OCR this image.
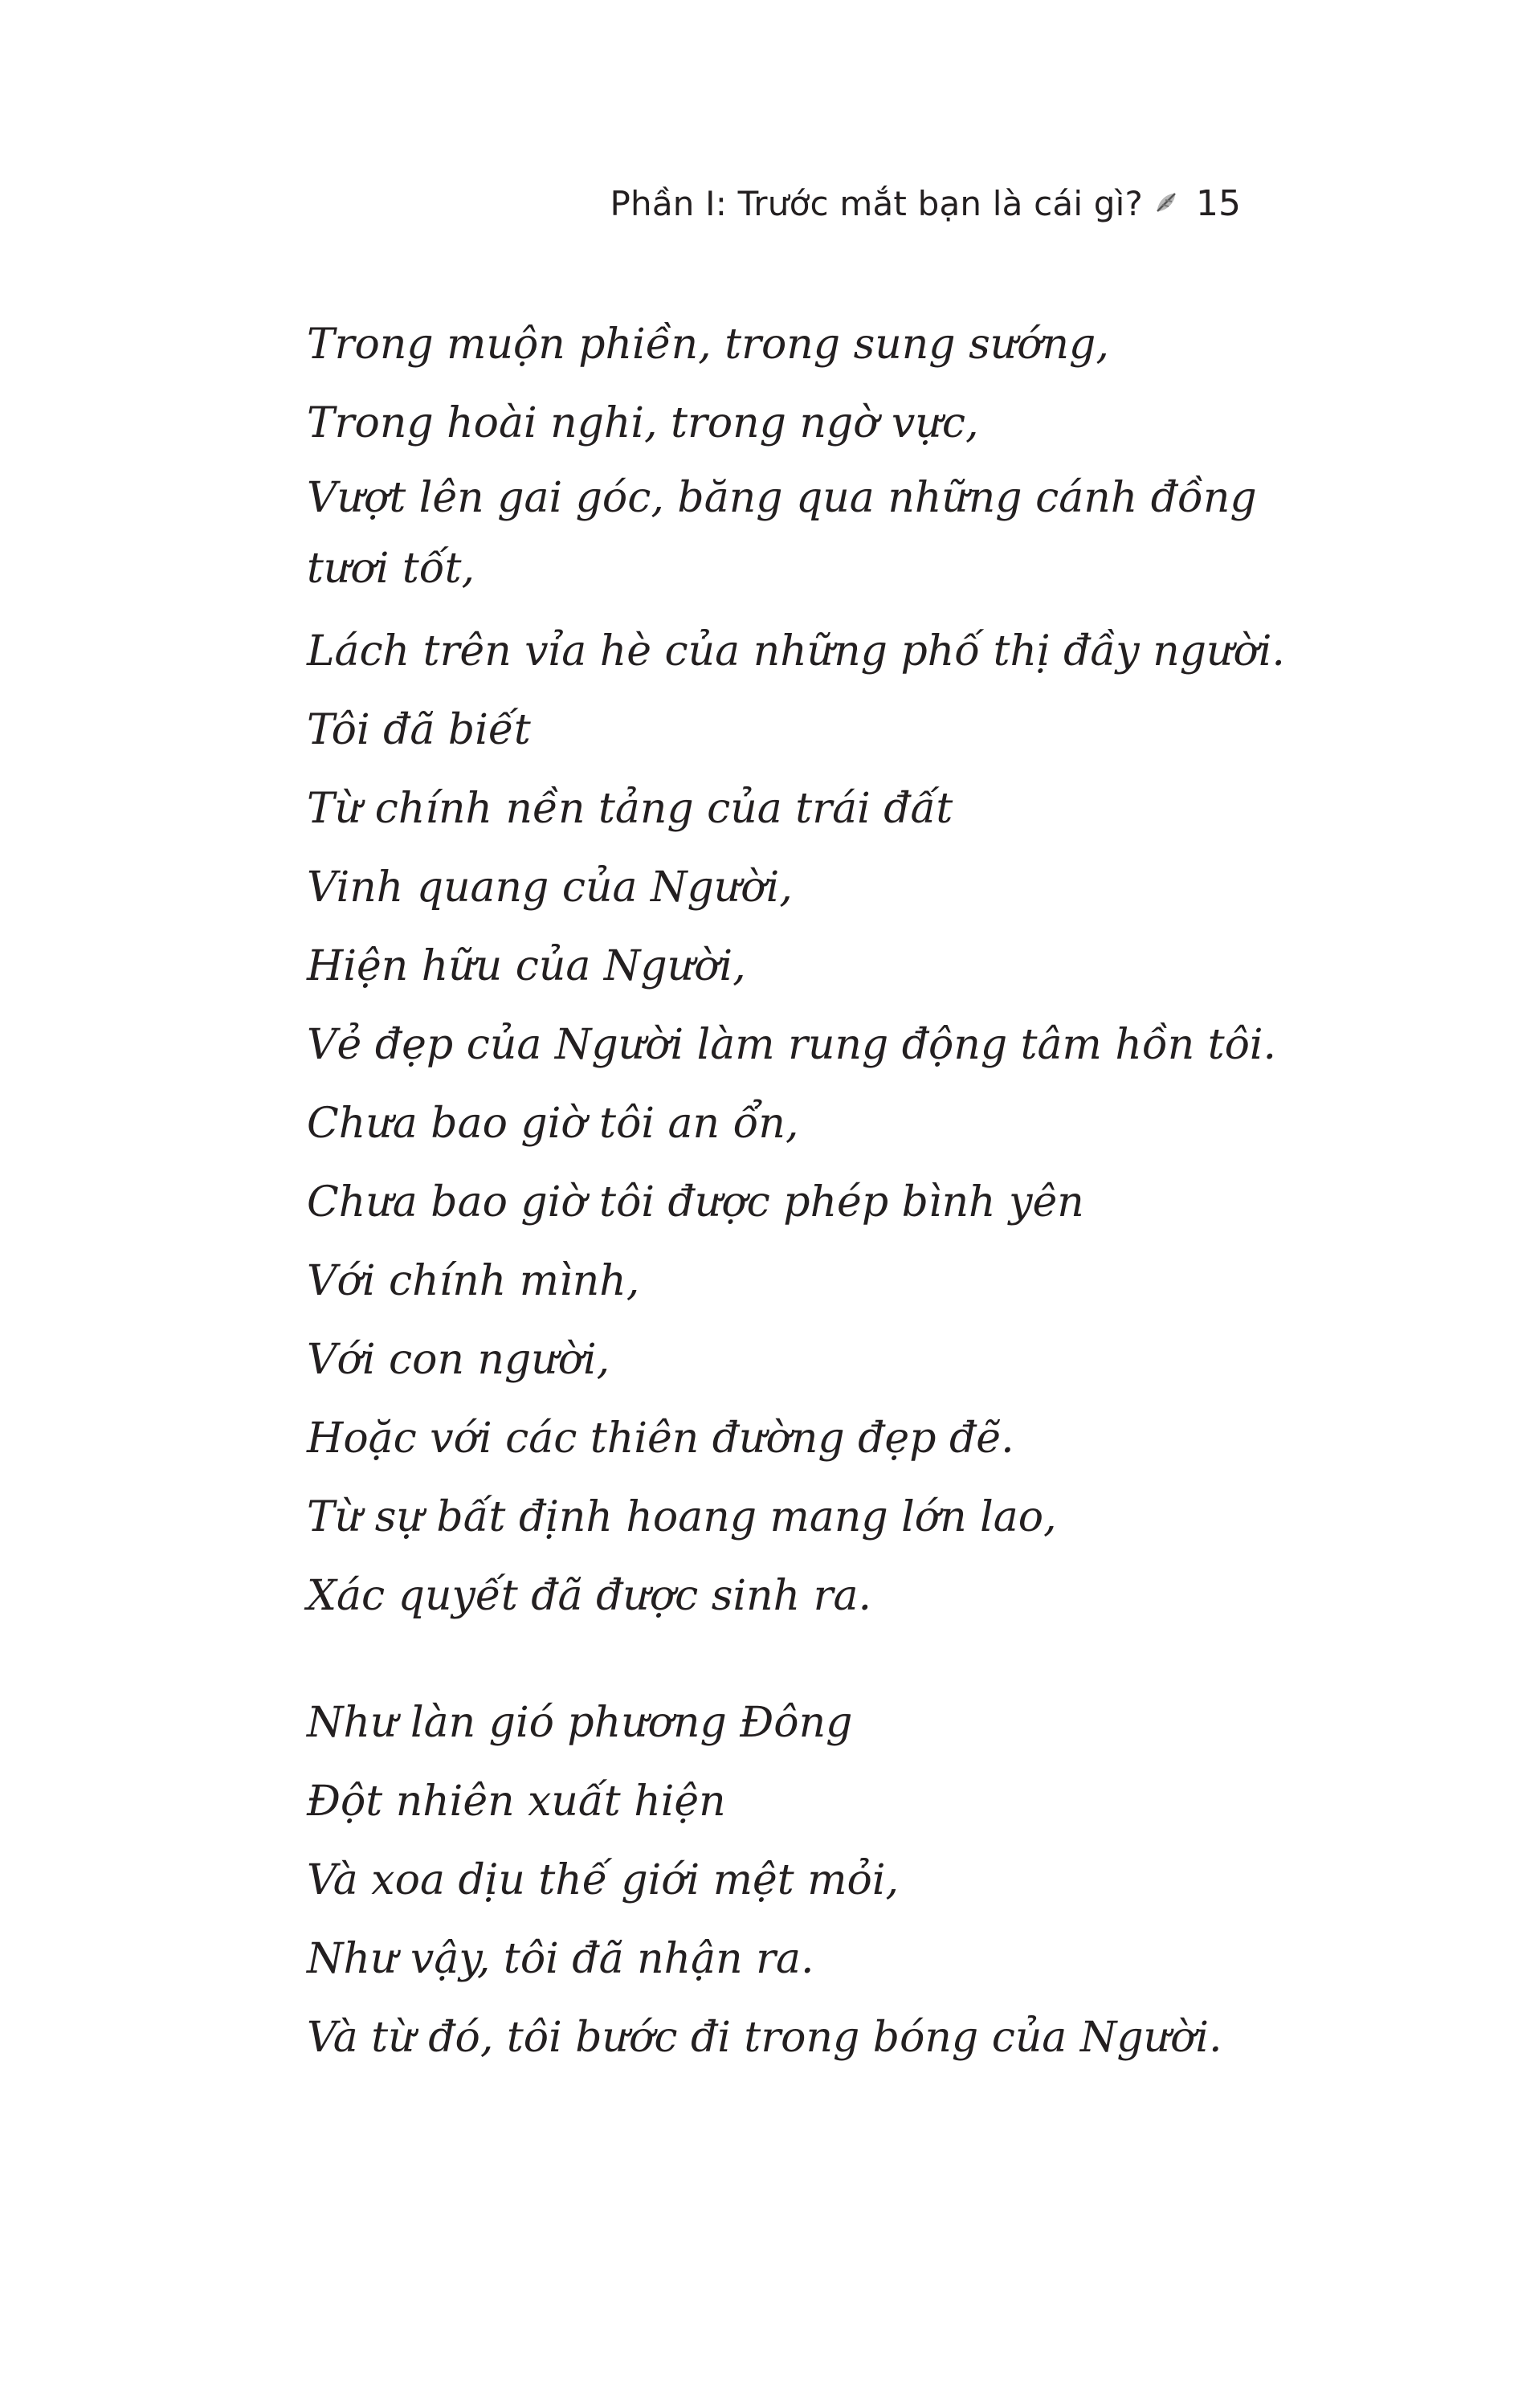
Phần I: Trước mắt bạn là cái gì? 15
Trong muộn phiền, trong sung sướng,
Trong hoài nghi, trong ngờ vực,
Vượt lên gai góc, băng qua những cánh đồng
tươi tốt,
Lách trên vỉa hè của những phố thị đầy người.
Tôi đã biết
Từ chính nền tảng của trái đất
Vinh quang của Người,
Hiện hữu của Người,
Vẻ đẹp của Người làm rung động tâm hồn tôi.
Chưa bao giờ tôi an ổn,
Chưa bao giờ tôi được phép bình yên
Với chính mình,
Với con người,
Hoặc với các thiên đường đẹp đẽ.
Từ sự bất định hoang mang lớn lao,
Xác quyết đã được sinh ra.
Như làn gió phương Đông
Đột nhiên xuất hiện
Và xoa dịu thế giới mệt mỏi,
Như vậy, tôi đã nhận ra.
Và từ đó, tôi bước đi trong bóng của Người.
